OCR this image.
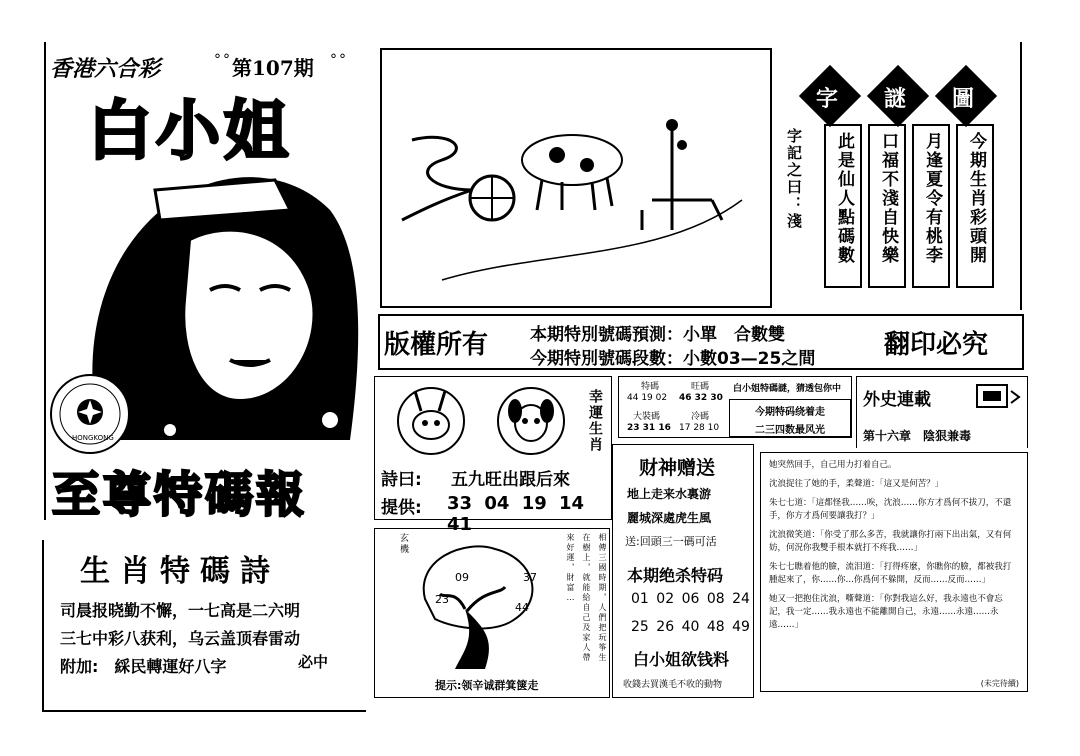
香港六合彩	第107期
°°	°°
白小姐
HONGKONG
至尊特碼報
生肖特碼詩
司晨报晓勤不懈，一七高是二六明
三七中彩八获利，乌云盖顶春雷动
附加:　綵民轉運好八字	必中
字 謎 圖
字記之曰：淺	此是仙人點碼數	口福不淺自快樂	月逢夏令有桃李	今期生肖彩頭開
版權所有 本期特別號碼預測：小單　合數雙
今期特別號碼段數：小數03—25之間	翻印必究
幸運生肖
詩曰: 五九旺出跟后來
提供: 33 04 19 14 41
特碼
44 19 02
旺碼
46 32 30
大裝碼
23 31 16
冷碼
17 28 10
白小姐特碼謎，猜透包你中
今期特码绕着走
二三四数最风光
外史連載
第十六章　陰狠兼毒

她突然回手，自己用力打着自己。

沈浪捉往了她的手，柔聲道：「這又是何苦？」

朱七七道：「這都怪我……唉，沈浪……你方才爲何不拔刀，不還手，你方才爲何要讓我打？」

沈浪微笑道：「你受了那么多苦，我就讓你打兩下出出氣，又有何妨，何況你我雙手根本就打不疼我……」

朱七七瞧着他的臉，流泪道：「打得疼麼，你瞧你的臉，都被我打腫起來了，你……你…你爲何不躲開，反而……反而……」

她又一把抱住沈浪，嘶聲道：「你對我這么好，我永遠也不會忘記，我一定……我永遠也不能離開自己，永遠……永遠……永遠……」

(未完待續)
财神赠送
地上走来水裏游
麗城深處虎生風
送:回頭三一碼可活
本期绝杀特码
01 02 06 08 24
25 26 40 48 49
白小姐欲钱料
收錢去買漢毛不收的動物
玄機
09	37
23
44	相傳三國時期，人們把玩筝生
在樹上，就能給自己及家人帶
來好運，財富…
提示:领辛诚群箕箧走
